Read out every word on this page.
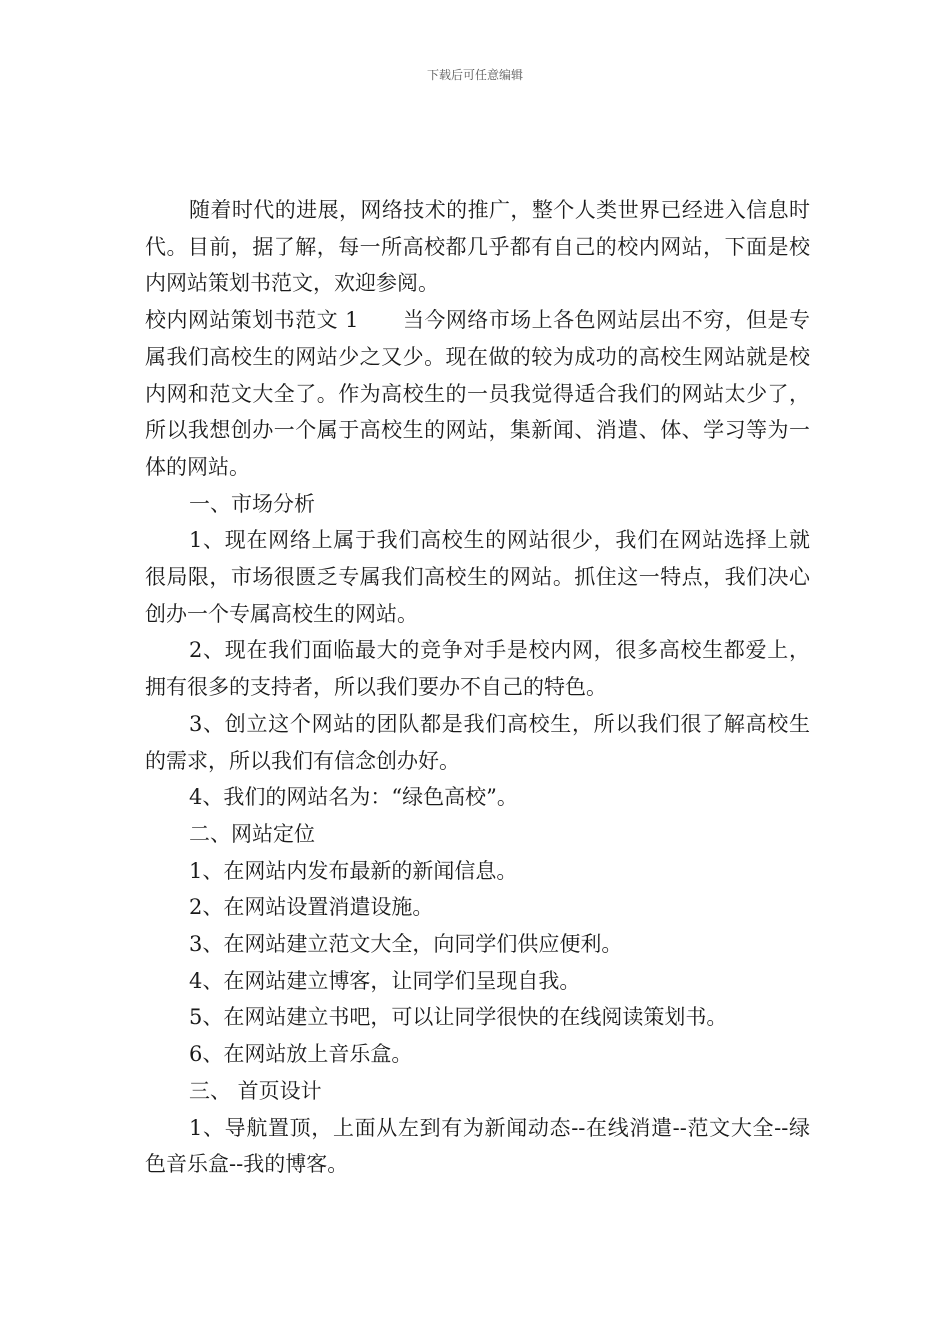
下载后可任意编辑

随着时代的进展，网络技术的推广，整个人类世界已经进入信息时代。目前，据了解，每一所高校都几乎都有自己的校内网站，下面是校内网站策划书范文，欢迎参阅。

校内网站策划书范文 1 当今网络市场上各色网站层出不穷，但是专属我们高校生的网站少之又少。现在做的较为成功的高校生网站就是校内网和范文大全了。作为高校生的一员我觉得适合我们的网站太少了，所以我想创办一个属于高校生的网站，集新闻、消遣、体、学习等为一体的网站。

一、市场分析

1、现在网络上属于我们高校生的网站很少，我们在网站选择上就很局限，市场很匮乏专属我们高校生的网站。抓住这一特点，我们决心创办一个专属高校生的网站。

2、现在我们面临最大的竞争对手是校内网，很多高校生都爱上，拥有很多的支持者，所以我们要办不自己的特色。

3、创立这个网站的团队都是我们高校生，所以我们很了解高校生的需求，所以我们有信念创办好。

4、我们的网站名为：“绿色高校”。

二、网站定位

1、在网站内发布最新的新闻信息。

2、在网站设置消遣设施。

3、在网站建立范文大全，向同学们供应便利。

4、在网站建立博客，让同学们呈现自我。

5、在网站建立书吧，可以让同学很快的在线阅读策划书。

6、在网站放上音乐盒。

三、 首页设计

1、导航置顶，上面从左到有为新闻动态--在线消遣--范文大全--绿色音乐盒--我的博客。
